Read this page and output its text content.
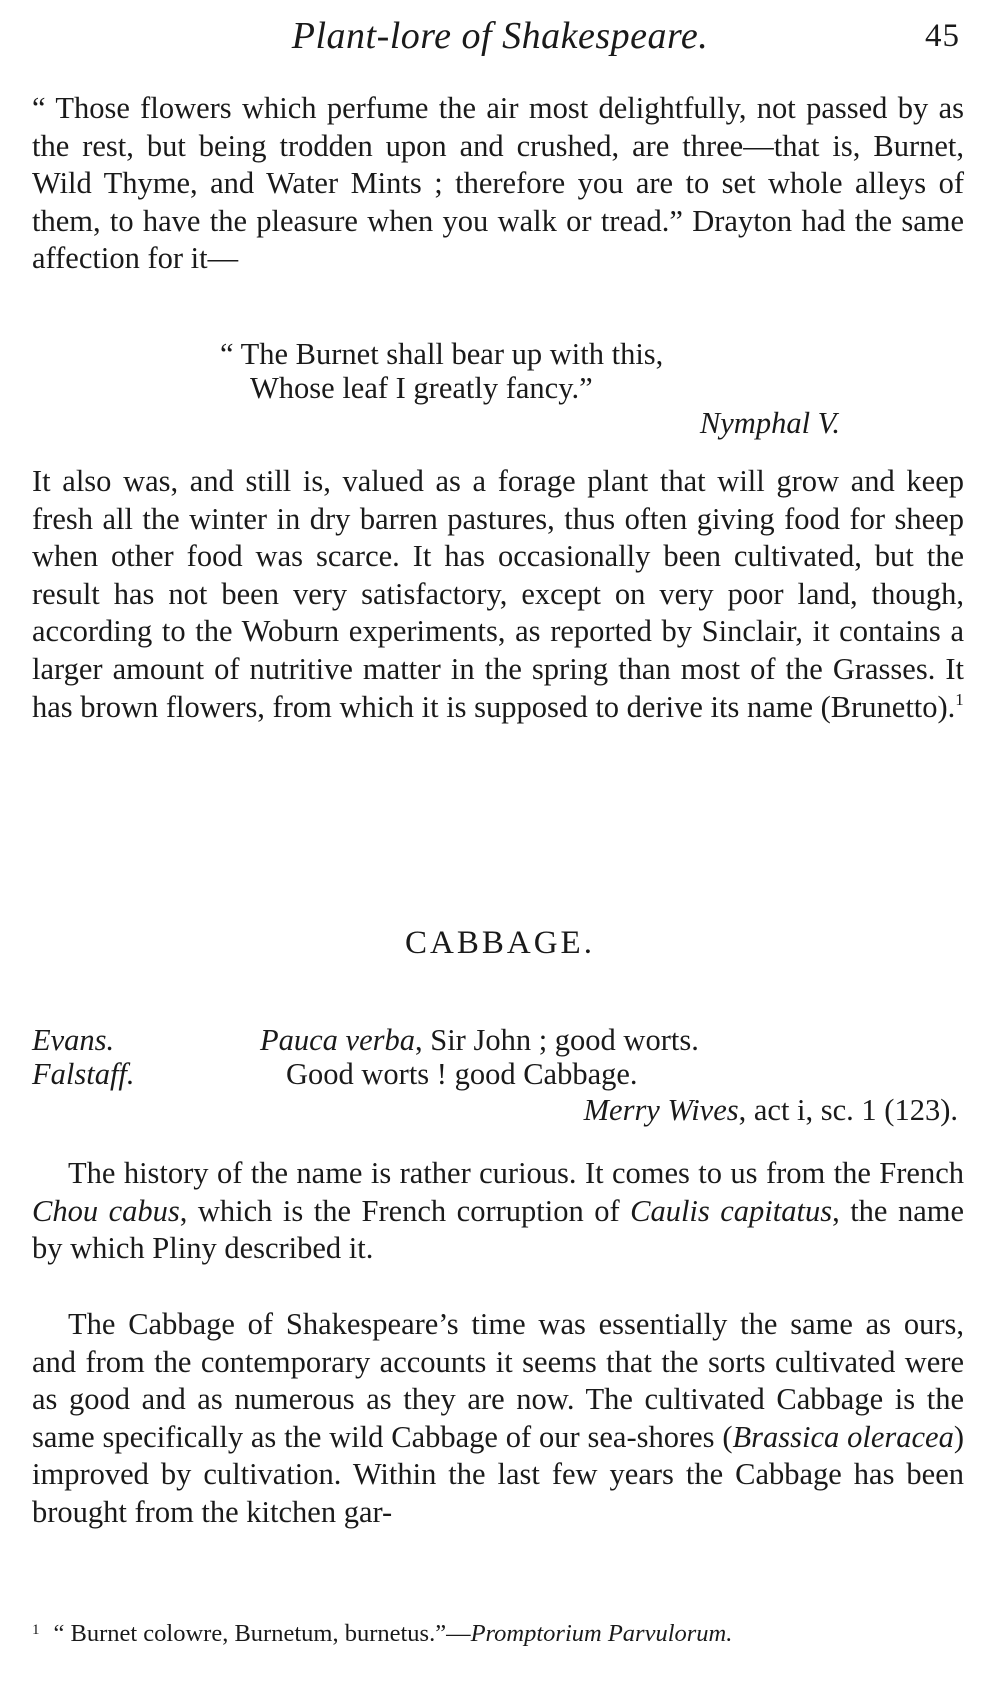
Plant-lore of Shakespeare.	45
“ Those flowers which perfume the air most delightfully, not passed by as the rest, but being trodden upon and crushed, are three—that is, Burnet, Wild Thyme, and Water Mints ; therefore you are to set whole alleys of them, to have the pleasure when you walk or tread.” Drayton had the same affection for it—
“ The Burnet shall bear up with this,
Whose leaf I greatly fancy.”
Nymphal V.
It also was, and still is, valued as a forage plant that will grow and keep fresh all the winter in dry barren pastures, thus often giving food for sheep when other food was scarce. It has occasionally been cultivated, but the result has not been very satisfactory, except on very poor land, though, according to the Woburn experiments, as reported by Sinclair, it contains a larger amount of nutritive matter in the spring than most of the Grasses. It has brown flowers, from which it is supposed to derive its name (Brunetto).$^1$
CABBAGE.
Evans.	Pauca verba, Sir John ; good worts.
Falstaff.	Good worts ! good Cabbage.
Merry Wives, act i, sc. 1 (123).
The history of the name is rather curious. It comes to us from the French Chou cabus, which is the French corruption of Caulis capitatus, the name by which Pliny described it.
The Cabbage of Shakespeare’s time was essentially the same as ours, and from the contemporary accounts it seems that the sorts cultivated were as good and as numerous as they are now. The cultivated Cabbage is the same specifically as the wild Cabbage of our sea-shores (Brassica oleracea) improved by cultivation. Within the last few years the Cabbage has been brought from the kitchen gar-
$^1$ “ Burnet colowre, Burnetum, burnetus.”—Promptorium Parvulorum.
